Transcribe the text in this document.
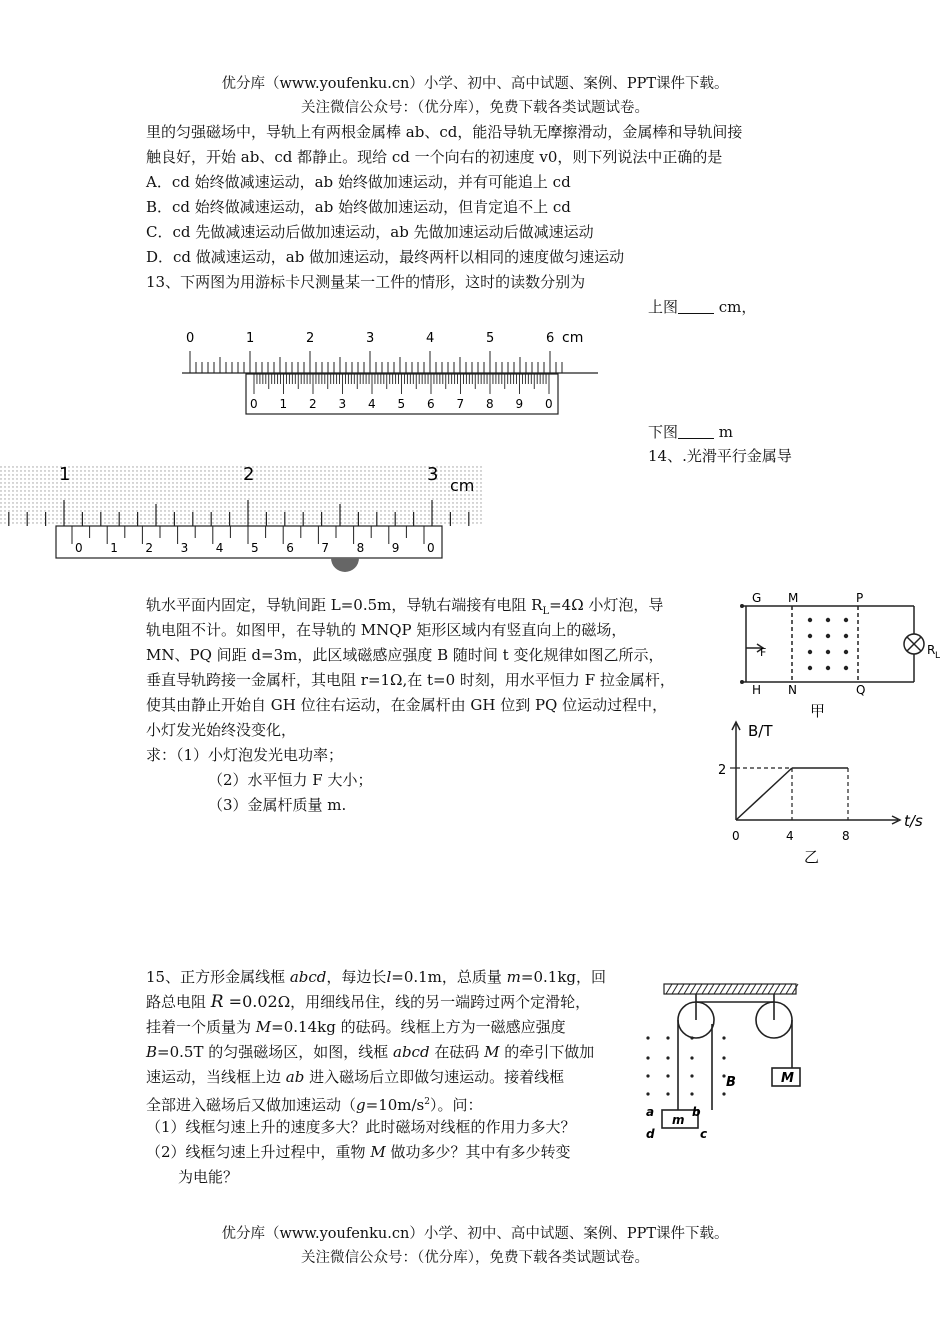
优分库（www.youfenku.cn）小学、初中、高中试题、案例、PPT课件下载。
关注微信公众号：（优分库），免费下载各类试题试卷。
里的匀强磁场中，导轨上有两根金属棒 ab、cd，能沿导轨无摩擦滑动，金属棒和导轨间接
触良好，开始 ab、cd 都静止。现给 cd 一个向右的初速度 v0，则下列说法中正确的是
A．cd 始终做减速运动，ab 始终做加速运动，并有可能追上 cd
B．cd 始终做减速运动，ab 始终做加速运动，但肯定追不上 cd
C．cd 先做减速运动后做加速运动，ab 先做加速运动后做减速运动
D．cd 做减速运动，ab 做加速运动，最终两杆以相同的速度做匀速运动
13、下两图为用游标卡尺测量某一工件的情形，这时的读数分别为
上图 cm，
下图 m
0	1	2	3	4	5	6 cm
0 1 2 3 4 5 6 7 8 9 0
1	2	3
cm
0 1 2 3 4 5 6 7 8 9 0
14、.光滑平行金属导
轨水平面内固定，导轨间距 L=0.5m，导轨右端接有电阻 $R_L=4\Omega$ 小灯泡，导
轨电阻不计。如图甲，在导轨的 MNQP 矩形区域内有竖直向上的磁场，
MN、PQ 间距 d=3m，此区域磁感应强度 B 随时间 t 变化规律如图乙所示，
垂直导轨跨接一金属杆，其电阻 r=1Ω,在 t=0 时刻，用水平恒力 F 拉金属杆，
使其由静止开始自 GH 位往右运动，在金属杆由 GH 位到 PQ 位运动过程中，
小灯发光始终没变化，
求：（1）小灯泡发光电功率；
（2）水平恒力 F 大小；
（3）金属杆质量 m.
G M	P
F	R L
H N	Q
甲
B/T
t/s
2
0	4	8
乙
15、正方形金属线框 abcd，每边长l=0.1m，总质量 m=0.1kg，回
路总电阻 R =0.02Ω，用细线吊住，线的另一端跨过两个定滑轮，
挂着一个质量为 M=0.14kg 的砝码。线框上方为一磁感应强度
B=0.5T 的匀强磁场区，如图，线框 abcd 在砝码 M 的牵引下做加
速运动，当线框上边 ab 进入磁场后立即做匀速运动。接着线框
全部进入磁场后又做加速运动$(g=10m/s^2)$。问：
（1）线框匀速上升的速度多大？此时磁场对线框的作用力多大？
（2）线框匀速上升过程中，重物 M 做功多少？其中有多少转变
为电能？
M
B
a	b
m
d	c
优分库（www.youfenku.cn）小学、初中、高中试题、案例、PPT课件下载。
关注微信公众号：（优分库），免费下载各类试题试卷。
